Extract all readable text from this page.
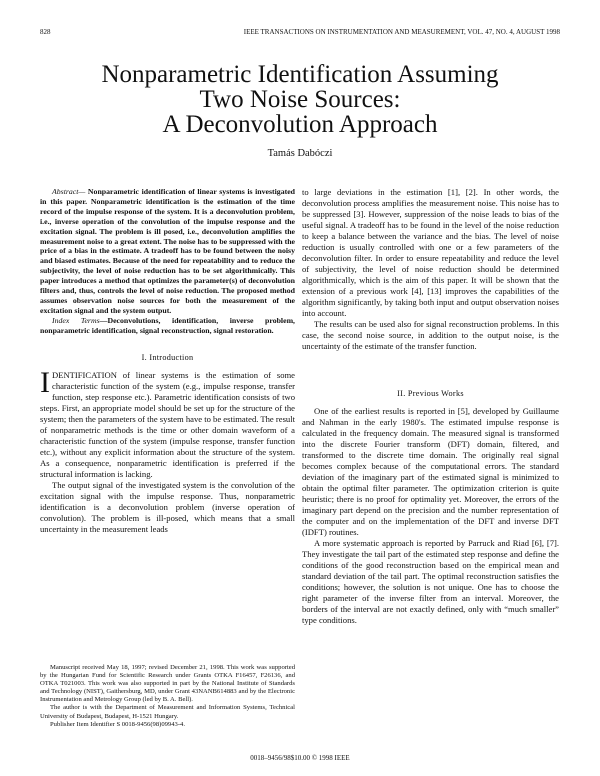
828	IEEE TRANSACTIONS ON INSTRUMENTATION AND MEASUREMENT, VOL. 47, NO. 4, AUGUST 1998
Nonparametric Identification Assuming
Two Noise Sources:
A Deconvolution Approach
Tamás Dabóczi

Abstract— Nonparametric identification of linear systems is investigated in this paper. Nonparametric identification is the estimation of the time record of the impulse response of the system. It is a deconvolution problem, i.e., inverse operation of the convolution of the impulse response and the excitation signal. The problem is ill posed, i.e., deconvolution amplifies the measurement noise to a great extent. The noise has to be suppressed with the price of a bias in the estimate. A tradeoff has to be found between the noisy and biased estimates. Because of the need for repeatability and to reduce the subjectivity, the level of noise reduction has to be set algorithmically. This paper introduces a method that optimizes the parameter(s) of deconvolution filters and, thus, controls the level of noise reduction. The proposed method assumes observation noise sources for both the measurement of the excitation signal and the system output.

Index Terms—Deconvolutions, identification, inverse problem, nonparametric identification, signal reconstruction, signal restoration.

I. Introduction

IDENTIFICATION of linear systems is the estimation of some characteristic function of the system (e.g., impulse response, transfer function, step response etc.). Parametric identification consists of two steps. First, an appropriate model should be set up for the structure of the system; then the parameters of the system have to be estimated. The result of nonparametric methods is the time or other domain waveform of a characteristic function of the system (impulse response, transfer function etc.), without any explicit information about the structure of the system. As a consequence, nonparametric identification is preferred if the structural information is lacking.

The output signal of the investigated system is the convolution of the excitation signal with the impulse response. Thus, nonparametric identification is a deconvolution problem (inverse operation of convolution). The problem is ill-posed, which means that a small uncertainty in the measurement leads

to large deviations in the estimation [1], [2]. In other words, the deconvolution process amplifies the measurement noise. This noise has to be suppressed [3]. However, suppression of the noise leads to bias of the useful signal. A tradeoff has to be found in the level of the noise reduction to keep a balance between the variance and the bias. The level of noise reduction is usually controlled with one or a few parameters of the deconvolution filter. In order to ensure repeatability and reduce the level of subjectivity, the level of noise reduction should be determined algorithmically, which is the aim of this paper. It will be shown that the extension of a previous work [4], [13] improves the capabilities of the algorithm significantly, by taking both input and output observation noises into account.

The results can be used also for signal reconstruction problems. In this case, the second noise source, in addition to the output noise, is the uncertainty of the estimate of the transfer function.

II. Previous Works

One of the earliest results is reported in [5], developed by Guillaume and Nahman in the early 1980's. The estimated impulse response is calculated in the frequency domain. The measured signal is transformed into the discrete Fourier transform (DFT) domain, filtered, and transformed to the discrete time domain. The originally real signal becomes complex because of the computational errors. The standard deviation of the imaginary part of the estimated signal is minimized to obtain the optimal filter parameter. The optimization criterion is quite heuristic; there is no proof for optimality yet. Moreover, the errors of the imaginary part depend on the precision and the number representation of the computer and on the implementation of the DFT and inverse DFT (IDFT) routines.

A more systematic approach is reported by Parruck and Riad [6], [7]. They investigate the tail part of the estimated step response and define the conditions of the good reconstruction based on the empirical mean and standard deviation of the tail part. The optimal reconstruction satisfies the conditions; however, the solution is not unique. One has to choose the right parameter of the inverse filter from an interval. Moreover, the borders of the interval are not exactly defined, only with “much smaller” type conditions.

Manuscript received May 18, 1997; revised December 21, 1998. This work was supported by the Hungarian Fund for Scientific Research under Grants OTKA F16457, F26136, and OTKA T021003. This work was also supported in part by the National Institute of Standards and Technology (NIST), Gaithersburg, MD, under Grant 43NANB614883 and by the Electronic Instrumentation and Metrology Group (led by B. A. Bell).

The author is with the Department of Measurement and Information Systems, Technical University of Budapest, Budapest, H-1521 Hungary.

Publisher Item Identifier S 0018-9456(98)09943-4.

0018–9456/98$10.00 © 1998 IEEE
